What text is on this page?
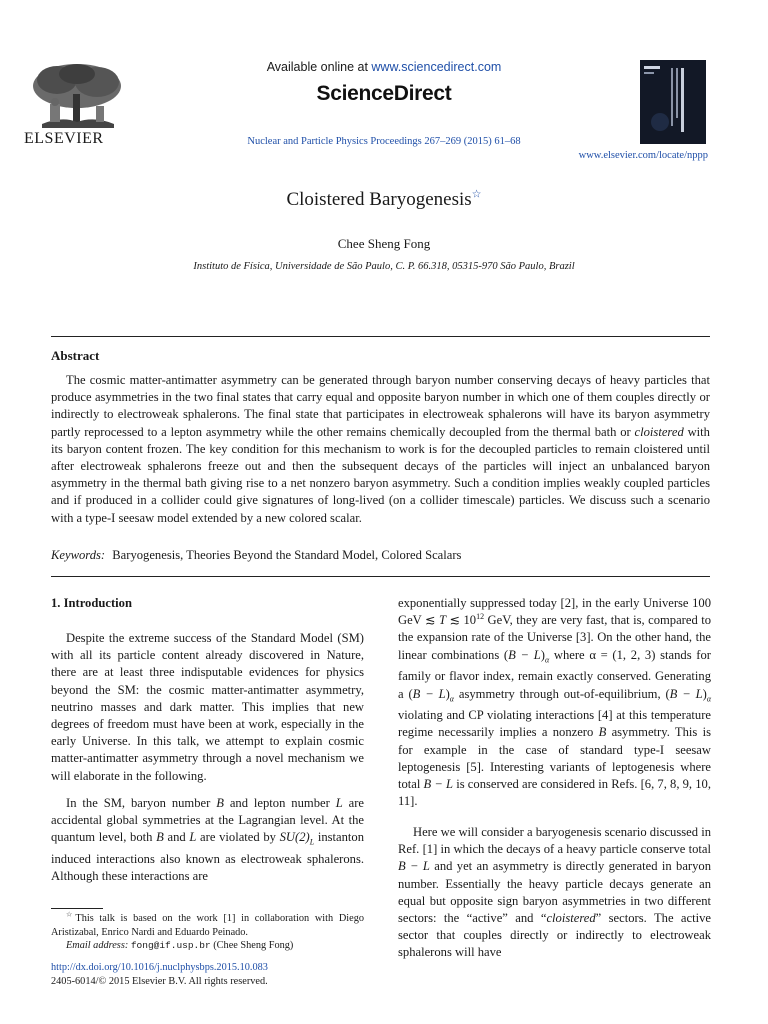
ELSEVIER
Available online at www.sciencedirect.com
ScienceDirect
Nuclear and Particle Physics Proceedings 267–269 (2015) 61–68
www.elsevier.com/locate/nppp
Cloistered Baryogenesis☆
Chee Sheng Fong
Instituto de Física, Universidade de São Paulo, C. P. 66.318, 05315-970 São Paulo, Brazil
Abstract

The cosmic matter-antimatter asymmetry can be generated through baryon number conserving decays of heavy particles that produce asymmetries in the two final states that carry equal and opposite baryon number in which one of them couples directly or indirectly to electroweak sphalerons. The final state that participates in electroweak sphalerons will have its baryon asymmetry partly reprocessed to a lepton asymmetry while the other remains chemically decoupled from the thermal bath or cloistered with its baryon content frozen. The key condition for this mechanism to work is for the decoupled particles to remain cloistered until after electroweak sphalerons freeze out and then the subsequent decays of the particles will inject an unbalanced baryon asymmetry in the thermal bath giving rise to a net nonzero baryon asymmetry. Such a condition implies weakly coupled particles and if produced in a collider could give signatures of long-lived (on a collider timescale) particles. We discuss such a scenario with a type-I seesaw model extended by a new colored scalar.

Keywords: Baryogenesis, Theories Beyond the Standard Model, Colored Scalars
1. Introduction

Despite the extreme success of the Standard Model (SM) with all its particle content already discovered in Nature, there are at least three indisputable evidences for physics beyond the SM: the cosmic matter-antimatter asymmetry, neutrino masses and dark matter. This implies that new degrees of freedom must have been at work, especially in the early Universe. In this talk, we attempt to explain cosmic matter-antimatter asymmetry through a novel mechanism we will elaborate in the following.

In the SM, baryon number B and lepton number L are accidental global symmetries at the Lagrangian level. At the quantum level, both B and L are violated by $SU(2)_L$ instanton induced interactions also known as electroweak sphalerons. Although these interactions are

☆This talk is based on the work [1] in collaboration with Diego Aristizabal, Enrico Nardi and Eduardo Peinado.
Email address: fong@if.usp.br (Chee Sheng Fong)
http://dx.doi.org/10.1016/j.nuclphysbps.2015.10.083
2405-6014/© 2015 Elsevier B.V. All rights reserved.

exponentially suppressed today [2], in the early Universe 100 GeV ≲ T ≲ $10^{12}$ GeV, they are very fast, that is, compared to the expansion rate of the Universe [3]. On the other hand, the linear combinations $(B - L)_\alpha$ where α = (1, 2, 3) stands for family or flavor index, remain exactly conserved. Generating a $(B - L)_\alpha$ asymmetry through out-of-equilibrium, $(B - L)_\alpha$ violating and CP violating interactions [4] at this temperature regime necessarily implies a nonzero B asymmetry. This is for example in the case of standard type-I seesaw leptogenesis [5]. Interesting variants of leptogenesis where total B − L is conserved are considered in Refs. [6, 7, 8, 9, 10, 11].

Here we will consider a baryogenesis scenario discussed in Ref. [1] in which the decays of a heavy particle conserve total B − L and yet an asymmetry is directly generated in baryon number. Essentially the heavy particle decays generate an equal but opposite sign baryon asymmetries in two different sectors: the “active” and “cloistered” sectors. The active sector that couples directly or indirectly to electroweak sphalerons will have
